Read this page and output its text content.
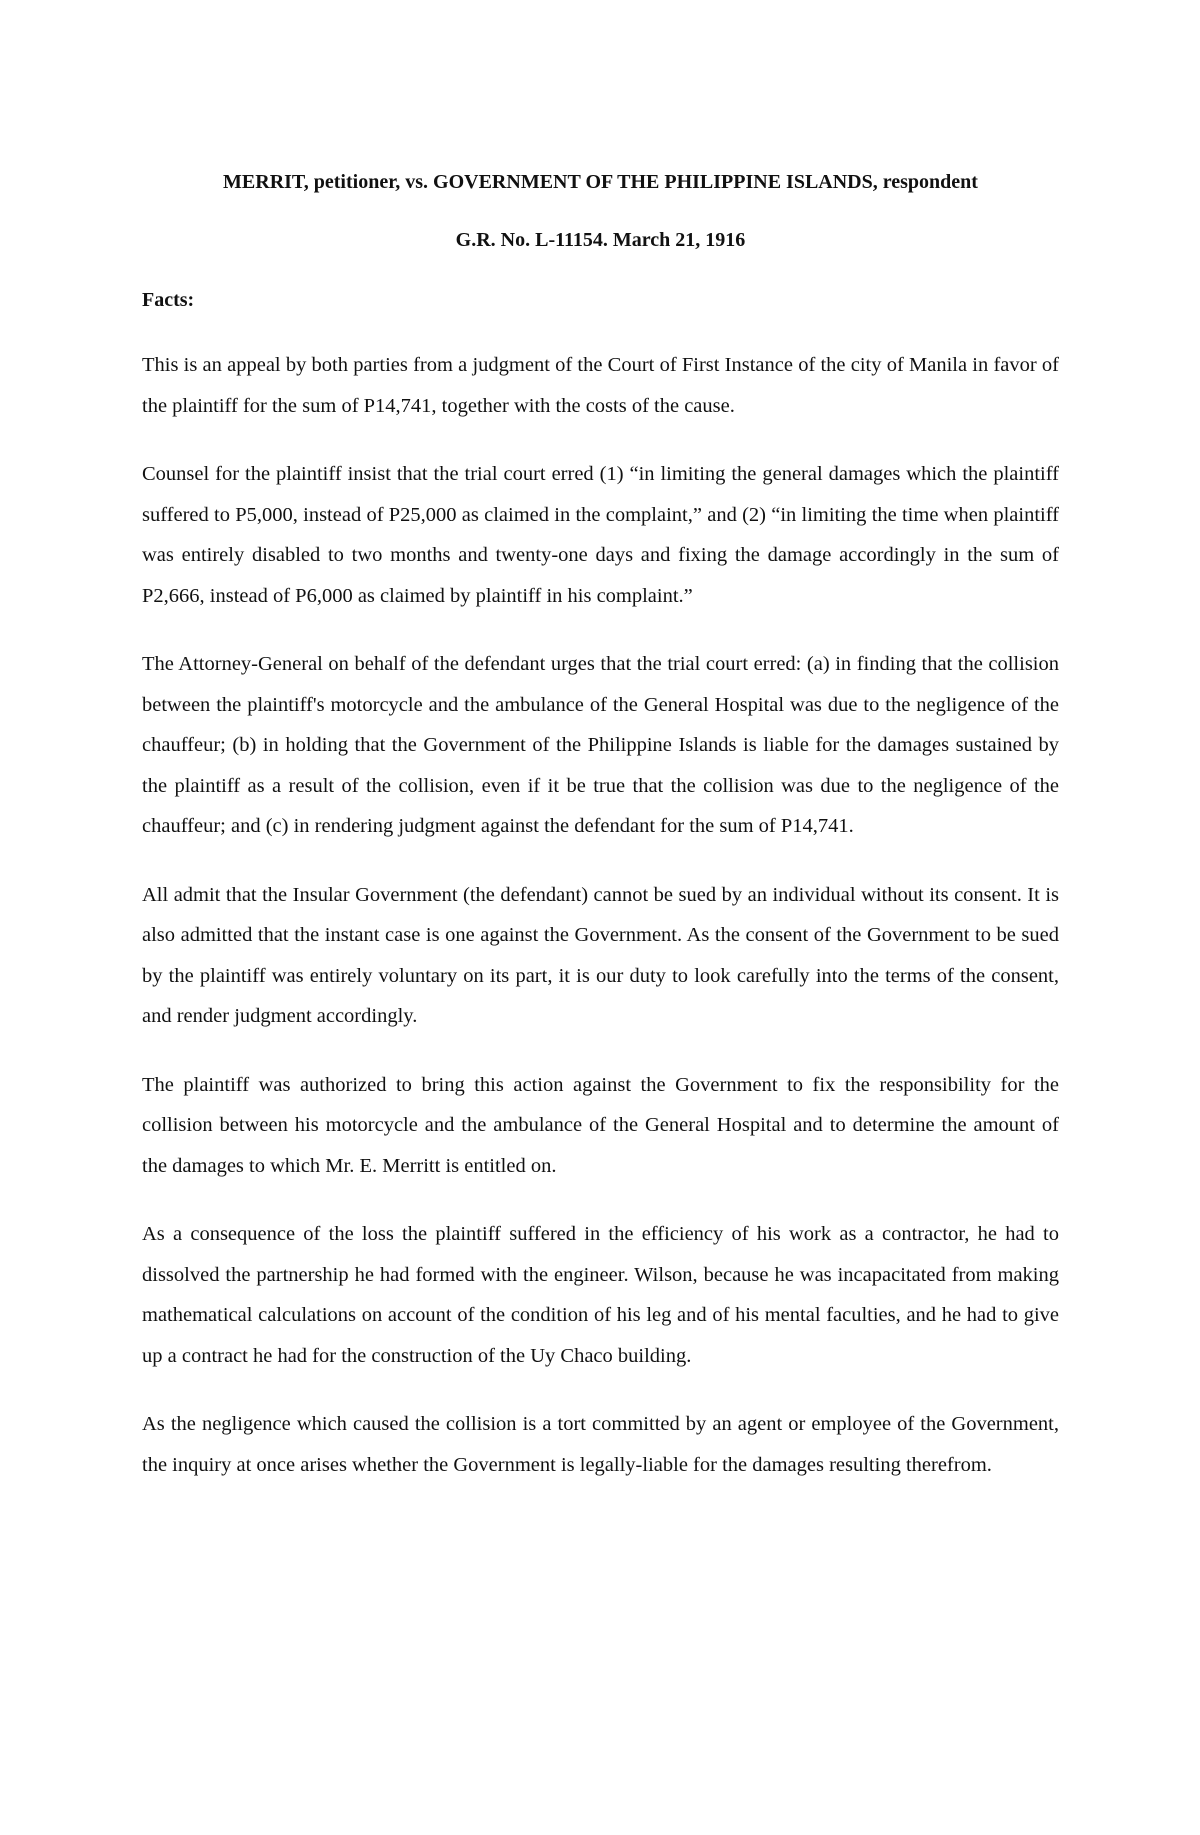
MERRIT, petitioner, vs. GOVERNMENT OF THE PHILIPPINE ISLANDS, respondent
G.R. No. L-11154. March 21, 1916
Facts:

This is an appeal by both parties from a judgment of the Court of First Instance of the city of Manila in favor of the plaintiff for the sum of P14,741, together with the costs of the cause.

Counsel for the plaintiff insist that the trial court erred (1) “in limiting the general damages which the plaintiff suffered to P5,000, instead of P25,000 as claimed in the complaint,” and (2) “in limiting the time when plaintiff was entirely disabled to two months and twenty-one days and fixing the damage accordingly in the sum of P2,666, instead of P6,000 as claimed by plaintiff in his complaint.”

The Attorney-General on behalf of the defendant urges that the trial court erred: (a) in finding that the collision between the plaintiff's motorcycle and the ambulance of the General Hospital was due to the negligence of the chauffeur; (b) in holding that the Government of the Philippine Islands is liable for the damages sustained by the plaintiff as a result of the collision, even if it be true that the collision was due to the negligence of the chauffeur; and (c) in rendering judgment against the defendant for the sum of P14,741.

All admit that the Insular Government (the defendant) cannot be sued by an individual without its consent. It is also admitted that the instant case is one against the Government. As the consent of the Government to be sued by the plaintiff was entirely voluntary on its part, it is our duty to look carefully into the terms of the consent, and render judgment accordingly.

The plaintiff was authorized to bring this action against the Government to fix the responsibility for the collision between his motorcycle and the ambulance of the General Hospital and to determine the amount of the damages to which Mr. E. Merritt is entitled on.

As a consequence of the loss the plaintiff suffered in the efficiency of his work as a contractor, he had to dissolved the partnership he had formed with the engineer. Wilson, because he was incapacitated from making mathematical calculations on account of the condition of his leg and of his mental faculties, and he had to give up a contract he had for the construction of the Uy Chaco building.

As the negligence which caused the collision is a tort committed by an agent or employee of the Government, the inquiry at once arises whether the Government is legally-liable for the damages resulting therefrom.
